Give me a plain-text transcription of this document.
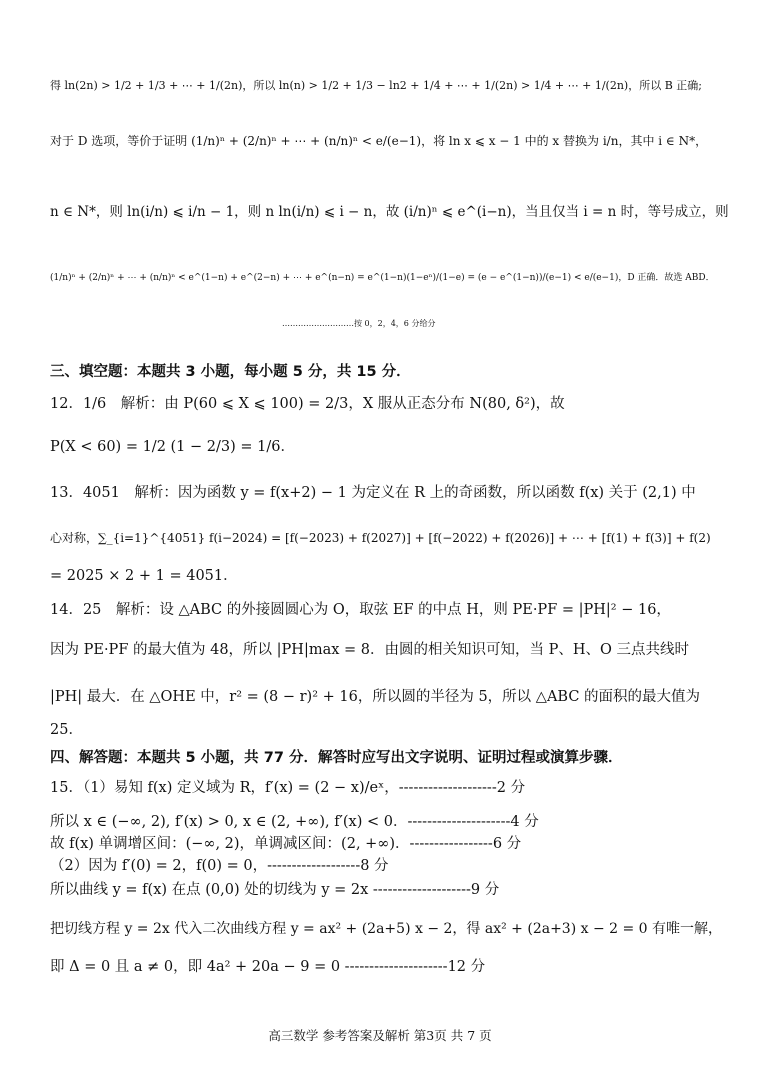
得 ln(2n) > 1/2 + 1/3 + ⋯ + 1/(2n)，所以 ln(n) > 1/2 + 1/3 − ln2 + 1/4 + ⋯ + 1/(2n) > 1/4 + ⋯ + 1/(2n)，所以 B 正确;
对于 D 选项，等价于证明 (1/n)ⁿ + (2/n)ⁿ + ⋯ + (n/n)ⁿ < e/(e−1)，将 ln x ⩽ x − 1 中的 x 替换为 i/n，其中 i ∈ N*，
n ∈ N*，则 ln(i/n) ⩽ i/n − 1，则 n ln(i/n) ⩽ i − n，故 (i/n)ⁿ ⩽ e^(i−n)，当且仅当 i = n 时，等号成立，则
(1/n)ⁿ + (2/n)ⁿ + ⋯ + (n/n)ⁿ < e^(1−n) + e^(2−n) + ⋯ + e^(n−n) = e^(1−n)(1−eⁿ)/(1−e) = (e − e^(1−n))/(e−1) < e/(e−1)，D 正确．故选 ABD．
………………………按 0，2，4，6 分给分
三、填空题：本题共 3 小题，每小题 5 分，共 15 分．
12．1/6　解析：由 P(60 ⩽ X ⩽ 100) = 2/3，X 服从正态分布 N(80, δ²)，故
P(X < 60) = 1/2 (1 − 2/3) = 1/6．
13．4051　解析：因为函数 y = f(x+2) − 1 为定义在 R 上的奇函数，所以函数 f(x) 关于 (2,1) 中
心对称，∑_{i=1}^{4051} f(i−2024) = [f(−2023) + f(2027)] + [f(−2022) + f(2026)] + ⋯ + [f(1) + f(3)] + f(2)
= 2025 × 2 + 1 = 4051．
14．25　解析：设 △ABC 的外接圆圆心为 O，取弦 EF 的中点 H，则 PE·PF = |PH|² − 16，
因为 PE·PF 的最大值为 48，所以 |PH|max = 8．由圆的相关知识可知，当 P、H、O 三点共线时
|PH| 最大．在 △OHE 中，r² = (8 − r)² + 16，所以圆的半径为 5，所以 △ABC 的面积的最大值为
25．
四、解答题：本题共 5 小题，共 77 分．解答时应写出文字说明、证明过程或演算步骤．
15．（1）易知 f(x) 定义域为 R，f′(x) = (2 − x)/eˣ，--------------------2 分
所以 x ∈ (−∞, 2), f′(x) > 0, x ∈ (2, +∞), f′(x) < 0．---------------------4 分
故 f(x) 单调增区间：(−∞, 2)，单调减区间：(2, +∞)．-----------------6 分
（2）因为 f′(0) = 2，f(0) = 0，-------------------8 分
所以曲线 y = f(x) 在点 (0,0) 处的切线为 y = 2x --------------------9 分
把切线方程 y = 2x 代入二次曲线方程 y = ax² + (2a+5) x − 2，得 ax² + (2a+3) x − 2 = 0 有唯一解，
即 Δ = 0 且 a ≠ 0，即 4a² + 20a − 9 = 0 ---------------------12 分
高三数学 参考答案及解析 第3页 共 7 页
